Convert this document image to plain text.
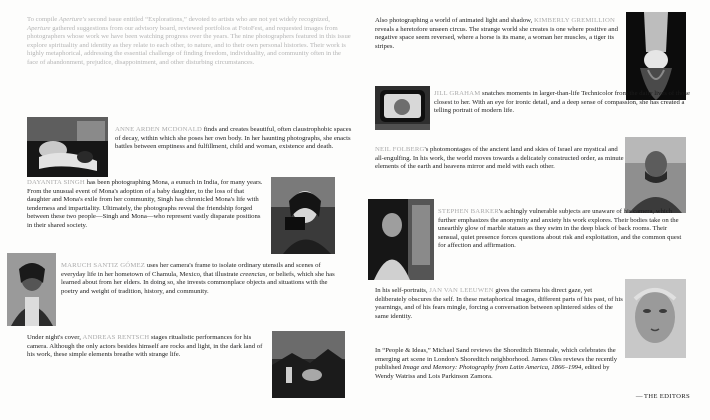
To compile Aperture's second issue entitled “Explorations,” devoted to artists who are not yet widely recognized, Aperture gathered suggestions from our advisory board, reviewed portfolios at FotoFest, and requested images from photographers whose work we have been watching progress over the years. The nine photographers featured in this issue explore spirituality and identity as they relate to each other, to nature, and to their own personal histories. Their work is highly metaphorical, addressing the essential challenge of finding freedom, individuality, and community often in the face of abandonment, prejudice, disappointment, and other disturbing circumstances.

ANNE ARDEN MCDONALD finds and creates beautiful, often claustrophobic spaces of decay, within which she poses her own body. In her haunting photographs, she enacts battles between emptiness and fulfillment, child and woman, existence and death.

DAYANITA SINGH has been photographing Mona, a eunuch in India, for many years. From the unusual event of Mona's adoption of a baby daughter, to the loss of that daughter and Mona's exile from her community, Singh has chronicled Mona's life with tenderness and impartiality. Ultimately, the photographs reveal the friendship forged between these two people—Singh and Mona—who represent vastly disparate positions in their shared society.

MARUCH SANTIZ GÓMEZ uses her camera's frame to isolate ordinary utensils and scenes of everyday life in her hometown of Chamula, Mexico, that illustrate creencias, or beliefs, which she has learned about from her elders. In doing so, she invests commonplace objects and situations with the poetry and weight of tradition, history, and community.

Under night's cover, ANDREAS RENTSCH stages ritualistic performances for his camera. Although the only actors besides himself are rocks and light, in the dark land of his work, these simple elements breathe with strange life.

Also photographing a world of animated light and shadow, KIMBERLY GREMILLION reveals a heretofore unseen circus. The strange world she creates is one where positive and negative space seem reversed, where a horse is its mane, a woman her muscles, a tiger its stripes.

JILL GRAHAM snatches moments in larger-than-life Technicolor from the daily lives of those closest to her. With an eye for ironic detail, and a deep sense of compassion, she has created a telling portrait of modern life.

NEIL FOLBERG's photomontages of the ancient land and skies of Israel are mystical and all-engulfing. In his work, the world moves towards a delicately constructed order, as minute elements of the earth and heavens mirror and meld with each other.

STEPHEN BARKER's achingly vulnerable subjects are unaware of his camera, which further emphasizes the anonymity and anxiety his work explores. Their bodies take on the unearthly glow of marble statues as they swim in the deep black of back rooms. Their sensual, quiet presence forces questions about risk and exploitation, and the common quest for affection and affirmation.

In his self-portraits, JAN VAN LEEUWEN gives the camera his direct gaze, yet deliberately obscures the self. In these metaphorical images, different parts of his past, of his yearnings, and of his fears mingle, forcing a conversation between splintered sides of the same identity.

In “People & Ideas,” Michael Sand reviews the Shoreditch Biennale, which celebrates the emerging art scene in London's Shoreditch neighborhood. James Oles reviews the recently published Image and Memory: Photography from Latin America, 1866–1994, edited by Wendy Watriss and Lois Parkinson Zamora.

—THE EDITORS
